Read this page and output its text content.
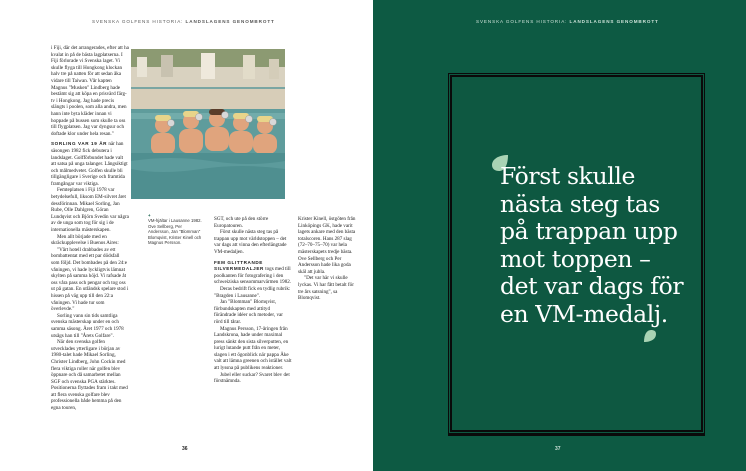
SVENSKA GOLFENS HISTORIA: LANDSLAGENS GENOMBROTT

i Fiji, där det arrangerades, efter att ha kvalat in på de bästa lagplatserna. I Fiji förlorade vi Svenska laget. Vi skulle flyga till Hongkong klockan halv tre på natten för att sedan åka vidare till Taiwan. Vår kapten Magnus "Musken" Lindberg hade bestämt sig att köpa en prisvärd färg-tv i Hongkong. Jag hade precis slängts i poolen, som alla andra, men hann inte byta kläder innan vi hoppade på bussen som skulle ta oss till flygplatsen. Jag var dyngsur och doftade klor under hela resan."

SORLING VAR 19 ÅR när han säsongen 1982 fick debutera i landslaget. Golfförbundet hade valt att satsa på unga talanger. Långsiktigt och målmedvetet. Golfen skulle bli tillgängligare i Sverige och framtida framgångar var viktiga.

Femteplatsen i Fiji 1978 var betydelsefull, liksom EM-silvret året dessförinnan. Mikael Sorling, Jan Rube, Olle Dahlgren, Göran Lundqvist och Björn Svedin var några av de unga som tog för sig i de internationella mästerskapen.

Men allt började med en skräckupplevelse i Buenos Aires:

"Vårt hotell drabbades av ett bombattentat med ett par dödsfall som följd. Det bombades på den 24:e våningen, vi hade lyckligtvis lämnat skylten på samma höjd. Vi rafsade åt oss våra pass och pengar och tog oss ut på gatan. En utländsk spelare stod i hissen på väg upp till den 22:a våningen. Vi hade tur som överlevde."

Sorling vann sin tids samtliga svenska mästerskap under en och samma säsong. Året 1977 och 1978 utsågs han till "Årets Golfare".

När den svenska golfen utvecklades ytterligare i början av 1980-talet hade Mikael Sorling, Christer Lindberg, John Cockin med flera viktiga roller när golfen blev öppnare och då samarbetet mellan SGF och svenska PGA stärktes. Positionerna flyttades fram i takt med att flera svenska golfare blev professionella både hemma på den egna touren,

+
VM-hjältar i Lausanne 1982. Ove Sellberg, Per Andersson, Jan "Blomman" Blomqvist, Krister Kinell och Magnus Persson.

SGT, och ute på den större Europatouren.

Först skulle nästa steg tas på trappan upp mot världstoppen – det var dags att vinna den efterlängtade VM-medaljen.

FEM GLITTRANDE SILVERMEDALJER togs med till poolkanten för fotografering i den schweiziska sensommarvärmen 1982.

Deras bedrift fick en tydlig rubrik: "Bragden i Lausanne".

Jan "Blomman" Blomqvist, förbundskapten med attityd förändrade idéer och metoder, var rörd till tårar.

Magnus Persson, 17-åringen från Landskrona, hade under maximal press sänkt den sista silverputten, en lurigt lutande putt från en meter, slagen i ett ögonblick när pappa Åke valt att lämna greenen och istället valt att lyssna på publikens reaktioner.

Jubel eller suckar? Svaret blev det förstnämnda.

Krister Kinell, östgöten från Linköpings GK, hade varit lagets ankare med den bästa totalscoren. Hans 287 slag (72–70–75–70) var hela mästerskapets tredje bästa. Ove Sellberg och Per Andersson hade lika goda skäl att jubla.

"Det var här vi skulle lyckas. Vi har fått betalt för tre års satsning", sa Blomqvist.

36
SVENSKA GOLFENS HISTORIA: LANDSLAGENS GENOMBROTT
Först skulle nästa steg tas på trappan upp mot toppen – det var dags för en VM-medalj.
37
